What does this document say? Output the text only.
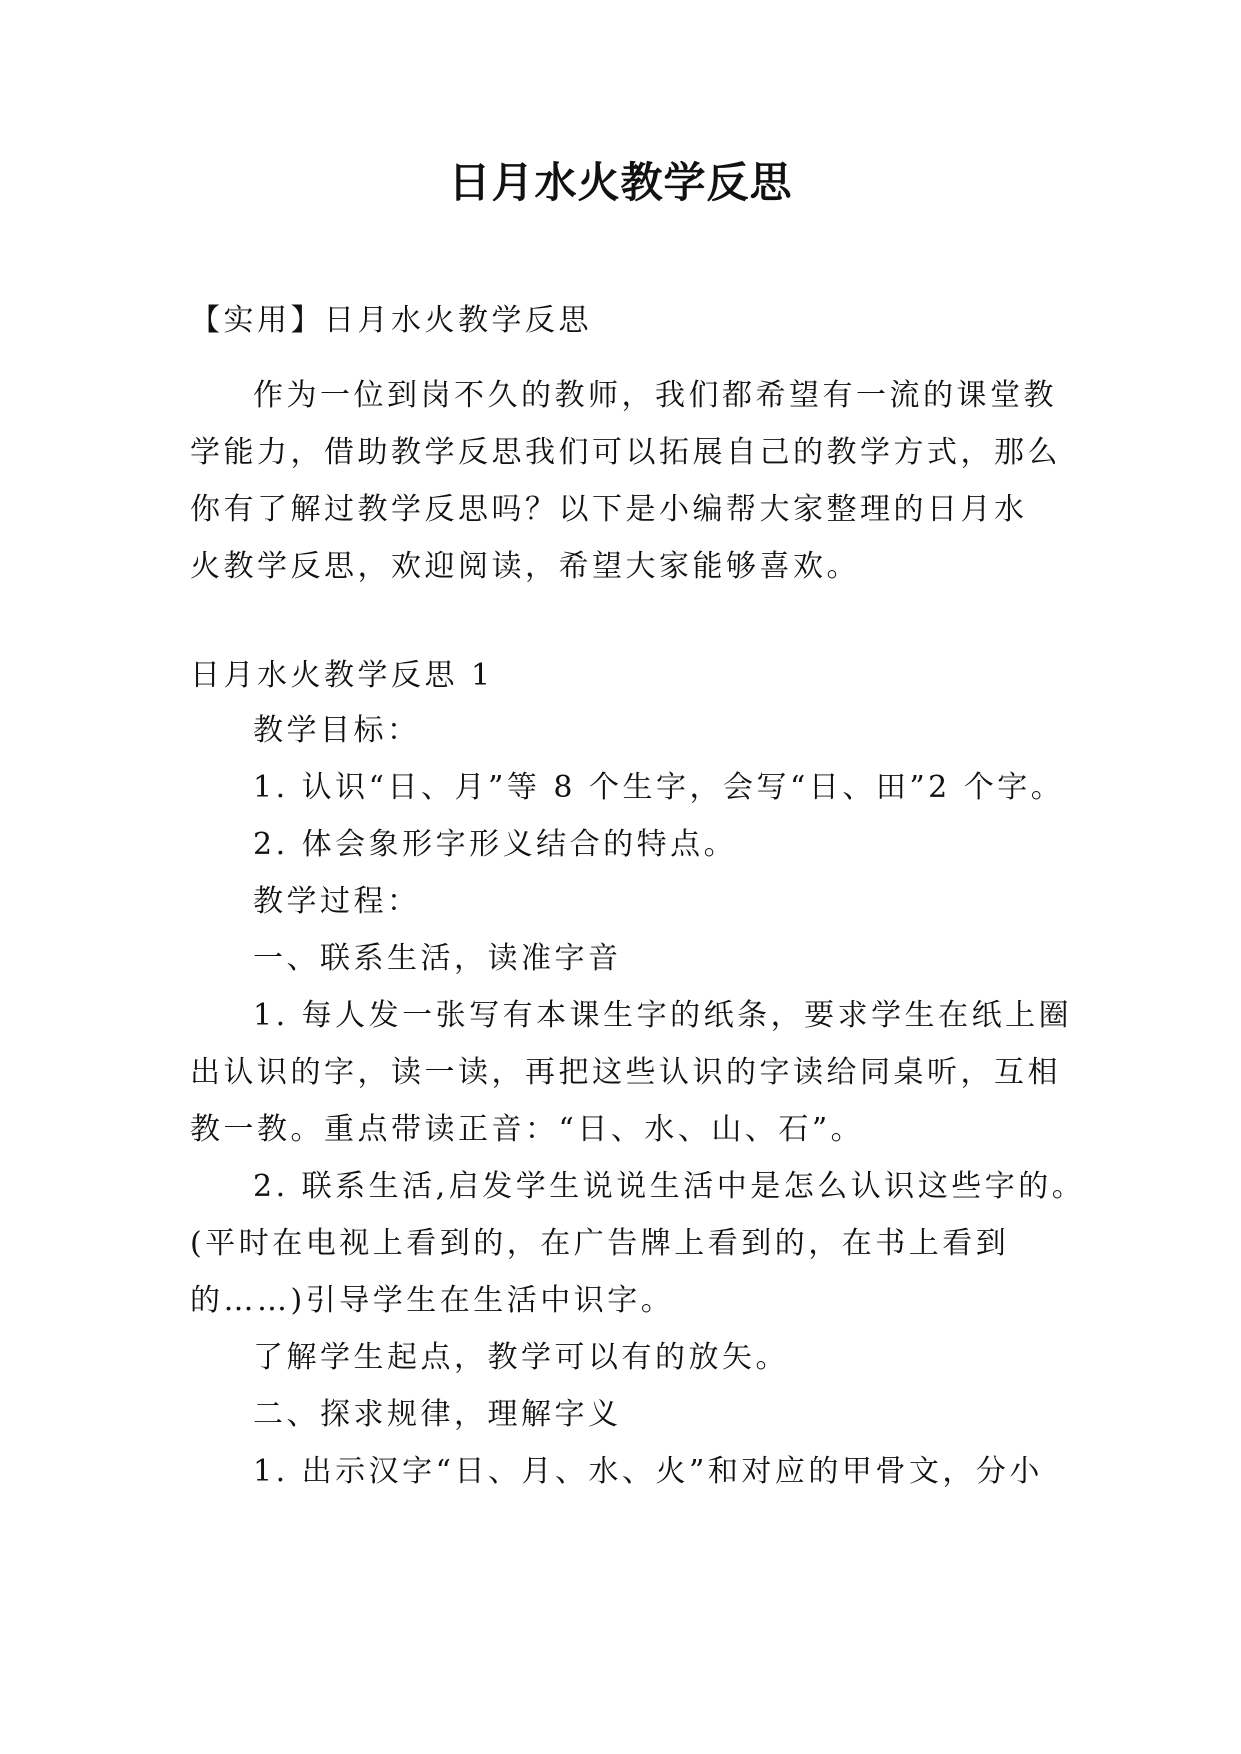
日月水火教学反思
【实用】日月水火教学反思
作为一位到岗不久的教师，我们都希望有一流的课堂教
学能力，借助教学反思我们可以拓展自己的教学方式，那么
你有了解过教学反思吗？以下是小编帮大家整理的日月水
火教学反思，欢迎阅读，希望大家能够喜欢。
日月水火教学反思 1
教学目标：
1. 认识“日、月”等 8 个生字，会写“日、田”2 个字。
2. 体会象形字形义结合的特点。
教学过程：
一、联系生活，读准字音
1. 每人发一张写有本课生字的纸条，要求学生在纸上圈
出认识的字，读一读，再把这些认识的字读给同桌听，互相
教一教。重点带读正音：“日、水、山、石”。
2. 联系生活,启发学生说说生活中是怎么认识这些字的。
(平时在电视上看到的，在广告牌上看到的，在书上看到
的……)引导学生在生活中识字。
了解学生起点，教学可以有的放矢。
二、探求规律，理解字义
1. 出示汉字“日、月、水、火”和对应的甲骨文，分小
